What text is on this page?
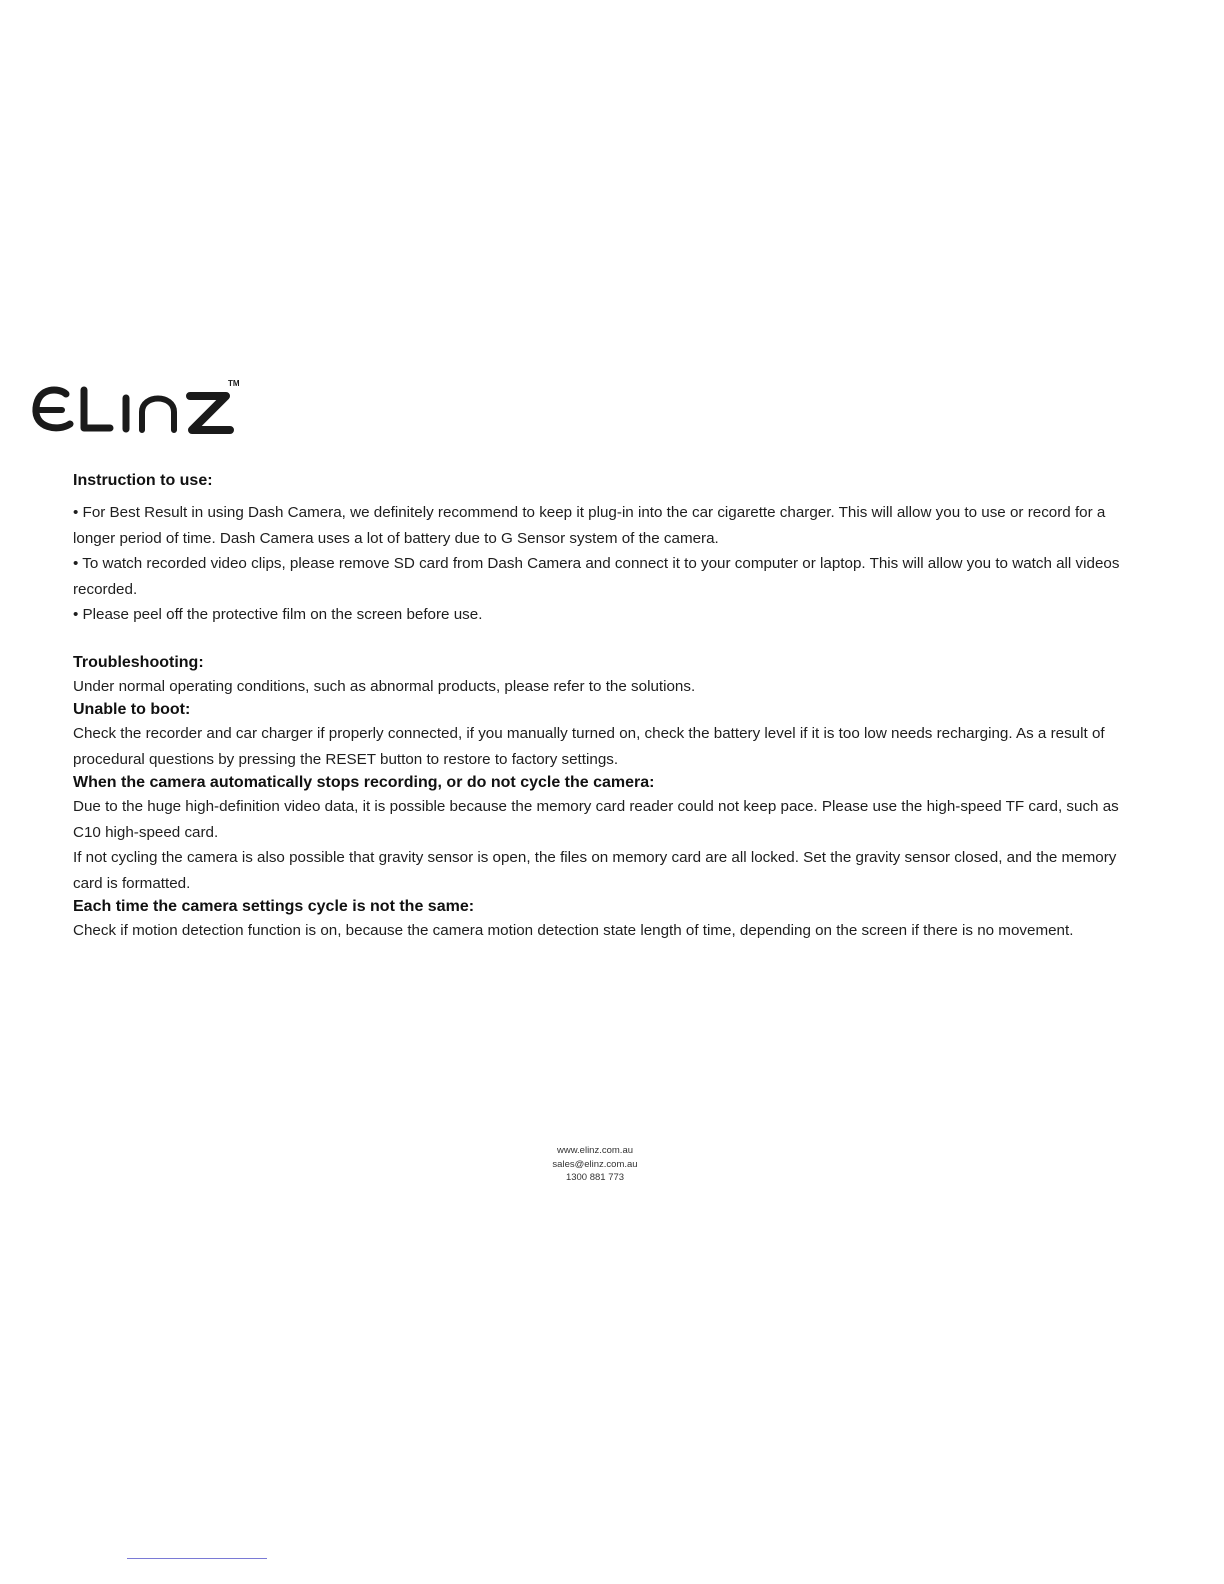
TM

Instruction to use:

• For Best Result in using Dash Camera, we definitely recommend to keep it plug-in into the car cigarette charger. This will allow you to use or record for a longer period of time. Dash Camera uses a lot of battery due to G Sensor system of the camera.

• To watch recorded video clips, please remove SD card from Dash Camera and connect it to your computer or laptop. This will allow you to watch all videos recorded.

• Please peel off the protective film on the screen before use.

Troubleshooting:

Under normal operating conditions, such as abnormal products, please refer to the solutions.

Unable to boot:

Check the recorder and car charger if properly connected, if you manually turned on, check the battery level if it is too low needs recharging. As a result of procedural questions by pressing the RESET button to restore to factory settings.

When the camera automatically stops recording, or do not cycle the camera:

Due to the huge high-definition video data, it is possible because the memory card reader could not keep pace. Please use the high-speed TF card, such as C10 high-speed card.

If not cycling the camera is also possible that gravity sensor is open, the files on memory card are all locked. Set the gravity sensor closed, and the memory card is formatted.

Each time the camera settings cycle is not the same:

Check if motion detection function is on, because the camera motion detection state length of time, depending on the screen if there is no movement.

www.elinz.com.au
sales@elinz.com.au
1300 881 773
